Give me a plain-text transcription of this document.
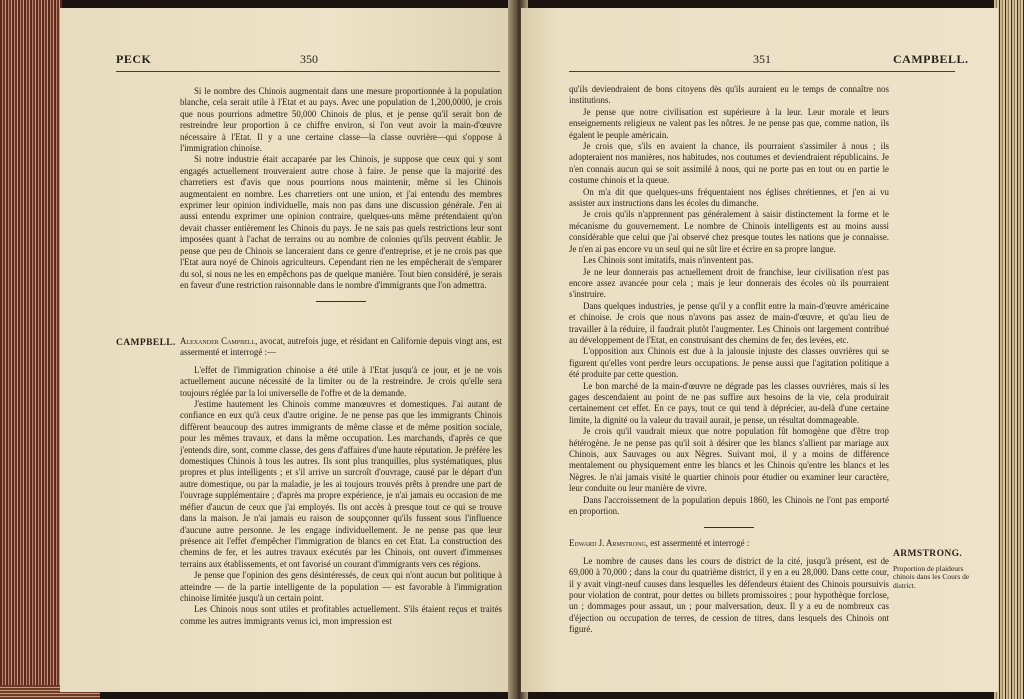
PECK	350

Si le nombre des Chinois augmentait dans une mesure proportionnée à la population blanche, cela serait utile à l'Etat et au pays. Avec une population de 1,200,0000, je crois que nous pourrions admettre 50,000 Chinois de plus, et je pense qu'il serait bon de restreindre leur proportion à ce chiffre environ, si l'on veut avoir la main-d'œuvre nécessaire à l'Etat. Il y a une certaine classe—la classe ouvrière—qui s'oppose à l'immigration chinoise.

Si notre industrie était accaparée par les Chinois, je suppose que ceux qui y sont engagés actuellement trouveraient autre chose à faire. Je pense que la majorité des charretiers est d'avis que nous pourrions nous maintenir, même si les Chinois augmentaient en nombre. Les charretiers ont une union, et j'ai entendu des membres exprimer leur opinion individuelle, mais non pas dans une discussion générale. J'en ai aussi entendu exprimer une opinion contraire, quelques-uns même prétendaient qu'on devait chasser entièrement les Chinois du pays. Je ne sais pas quels restrictions leur sont imposées quant à l'achat de terrains ou au nombre de colonies qu'ils peuvent établir. Je pense que peu de Chinois se lanceraient dans ce genre d'entreprise, et je ne crois pas que l'Etat aura noyé de Chinois agriculteurs. Cependant rien ne les empêcherait de s'emparer du sol, si nous ne les en empêchons pas de quelque manière. Tout bien considéré, je serais en faveur d'une restriction raisonnable dans le nombre d'immigrants que l'on admettra.

CAMPBELL. Alexander Campbell, avocat, autrefois juge, et résidant en Californie depuis vingt ans, est assermenté et interrogé :—

L'effet de l'immigration chinoise a été utile à l'Etat jusqu'à ce jour, et je ne vois actuellement aucune nécessité de la limiter ou de la restreindre. Je crois qu'elle sera toujours réglée par la loi universelle de l'offre et de la demande.

J'estime hautement les Chinois comme manœuvres et domestiques. J'ai autant de confiance en eux qu'à ceux d'autre origine. Je ne pense pas que les immigrants Chinois diffèrent beaucoup des autres immigrants de même classe et de même position sociale, pour les mêmes travaux, et dans la même occupation. Les marchands, d'après ce que j'entends dire, sont, comme classe, des gens d'affaires d'une haute réputation. Je préfère les domestiques Chinois à tous les autres. Ils sont plus tranquilles, plus systématiques, plus propres et plus intelligents ; et s'il arrive un surcroît d'ouvrage, causé par le départ d'un autre domestique, ou par la maladie, je les ai toujours trouvés prêts à prendre une part de l'ouvrage supplémentaire ; d'après ma propre expérience, je n'ai jamais eu occasion de me méfier d'aucun de ceux que j'ai employés. Ils ont accès à presque tout ce qui se trouve dans la maison. Je n'ai jamais eu raison de soupçonner qu'ils fussent sous l'influence d'aucune autre personne. Je les engage individuellement. Je ne pense pas que leur présence ait l'effet d'empêcher l'immigration de blancs en cet Etat. La construction des chemins de fer, et les autres travaux exécutés par les Chinois, ont ouvert d'immenses terrains aux établissements, et ont favorisé un courant d'immigrants vers ces régions.

Je pense que l'opinion des gens désintéressés, de ceux qui n'ont aucun but politique à atteindre — de la partie intelligente de la population — est favorable à l'immigration chinoise limitée jusqu'à un certain point.

Les Chinois nous sont utiles et profitables actuellement. S'ils étaient reçus et traités comme les autres immigrants venus ici, mon impression est

351	CAMPBELL.

qu'ils deviendraient de bons citoyens dès qu'ils auraient eu le temps de connaître nos institutions.

Je pense que notre civilisation est supérieure à la leur. Leur morale et leurs enseignements religieux ne valent pas les nôtres. Je ne pense pas que, comme nation, ils égalent le peuple américain.

Je crois que, s'ils en avaient la chance, ils pourraient s'assimiler à nous ; ils adopteraient nos manières, nos habitudes, nos coutumes et deviendraient républicains. Je n'en connais aucun qui se soit assimilé à nous, qui ne porte pas en tout ou en partie le costume chinois et la queue.

On m'a dit que quelques-uns fréquentaient nos églises chrétiennes, et j'en ai vu assister aux instructions dans les écoles du dimanche.

Je crois qu'ils n'apprennent pas généralement à saisir distinctement la forme et le mécanisme du gouvernement. Le nombre de Chinois intelligents est au moins aussi considérable que celui que j'ai observé chez presque toutes les nations que je connaisse. Je n'en ai pas encore vu un seul qui ne sût lire et écrire en sa propre langue.

Les Chinois sont imitatifs, mais n'inventent pas.

Je ne leur donnerais pas actuellement droit de franchise, leur civilisation n'est pas encore assez avancée pour cela ; mais je leur donnerais des écoles où ils pourraient s'instruire.

Dans quelques industries, je pense qu'il y a conflit entre la main-d'œuvre américaine et chinoise. Je crois que nous n'avons pas assez de main-d'œuvre, et qu'au lieu de travailler à la réduire, il faudrait plutôt l'augmenter. Les Chinois ont largement contribué au développement de l'Etat, en construisant des chemins de fer, des levées, etc.

L'opposition aux Chinois est due à la jalousie injuste des classes ouvrières qui se figurent qu'elles vont perdre leurs occupations. Je pense aussi que l'agitation politique a été produite par cette question.

Le bon marché de la main-d'œuvre ne dégrade pas les classes ouvrières, mais si les gages descendaient au point de ne pas suffire aux besoins de la vie, cela produirait certainement cet effet. En ce pays, tout ce qui tend à déprécier, au-delà d'une certaine limite, la dignité ou la valeur du travail aurait, je pense, un résultat dommageable.

Je crois qu'il vaudrait mieux que notre population fût homogène que d'être trop hétérogène. Je ne pense pas qu'il soit à désirer que les blancs s'allient par mariage aux Chinois, aux Sauvages ou aux Nègres. Suivant moi, il y a moins de différence mentalement ou physiquement entre les blancs et les Chinois qu'entre les blancs et les Nègres. Je n'ai jamais visité le quartier chinois pour étudier ou examiner leur caractère, leur conduite ou leur manière de vivre.

Dans l'accroissement de la population depuis 1860, les Chinois ne l'ont pas emporté en proportion.

Edward J. Armstrong, est assermenté et interrogé :

Le nombre de causes dans les cours de district de la cité, jusqu'à présent, est de 69,000 à 70,000 ; dans la cour du quatrième district, il y en a eu 28,000. Dans cette cour, il y avait vingt-neuf causes dans lesquelles les défendeurs étaient des Chinois poursuivis pour violation de contrat, pour dettes ou billets promissoires ; pour hypothèque forclose, un ; dommages pour assaut, un ; pour malversation, deux. Il y a eu de nombreux cas d'éjection ou occupation de terres, de cession de titres, dans lesquels des Chinois ont figuré.

ARMSTRONG.
Proportion de plaideurs chinois dans les Cours de district.
